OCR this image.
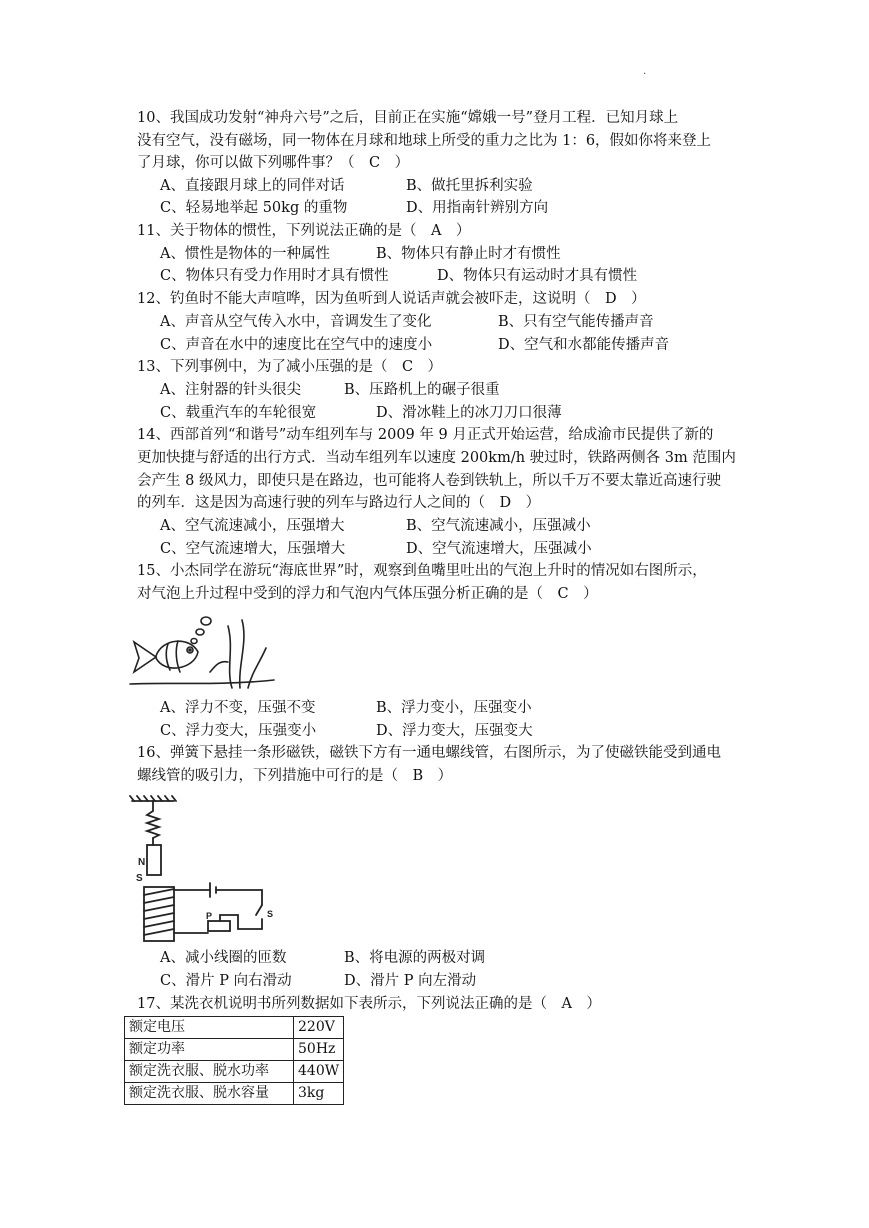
.
10、我国成功发射“神舟六号”之后，目前正在实施“嫦娥一号”登月工程．已知月球上
没有空气，没有磁场，同一物体在月球和地球上所受的重力之比为 1：6，假如你将来登上
了月球，你可以做下列哪件事？（　C　）
A、直接跟月球上的同伴对话	B、做托里拆利实验
C、轻易地举起 50kg 的重物	D、用指南针辨别方向
11、关于物体的惯性，下列说法正确的是（　A　）
A、惯性是物体的一种属性	B、物体只有静止时才有惯性
C、物体只有受力作用时才具有惯性	D、物体只有运动时才具有惯性
12、钓鱼时不能大声喧哗，因为鱼听到人说话声就会被吓走，这说明（　D　）
A、声音从空气传入水中，音调发生了变化	B、只有空气能传播声音
C、声音在水中的速度比在空气中的速度小	D、空气和水都能传播声音
13、下列事例中，为了减小压强的是（　C　）
A、注射器的针头很尖	B、压路机上的碾子很重
C、载重汽车的车轮很宽	D、滑冰鞋上的冰刀刀口很薄
14、西部首列“和谐号”动车组列车与 2009 年 9 月正式开始运营，给成渝市民提供了新的
更加快捷与舒适的出行方式．当动车组列车以速度 200km/h 驶过时，铁路两侧各 3m 范围内
会产生 8 级风力，即使只是在路边，也可能将人卷到铁轨上，所以千万不要太靠近高速行驶
的列车．这是因为高速行驶的列车与路边行人之间的（　D　）
A、空气流速减小，压强增大	B、空气流速减小，压强减小
C、空气流速增大，压强增大	D、空气流速增大，压强减小
15、小杰同学在游玩“海底世界”时，观察到鱼嘴里吐出的气泡上升时的情况如右图所示，
对气泡上升过程中受到的浮力和气泡内气体压强分析正确的是（　C　）
A、浮力不变，压强不变	B、浮力变小，压强变小
C、浮力变大，压强变小	D、浮力变大，压强变大
16、弹簧下悬挂一条形磁铁，磁铁下方有一通电螺线管，右图所示，为了使磁铁能受到通电
螺线管的吸引力，下列措施中可行的是（　B　）
N
S
P	S
A、减小线圈的匝数	B、将电源的两极对调
C、滑片 P 向右滑动	D、滑片 P 向左滑动
17、某洗衣机说明书所列数据如下表所示，下列说法正确的是（　A　）
额定电压	220V
额定功率	50Hz
额定洗衣服、脱水功率	440W
额定洗衣服、脱水容量	3kg
